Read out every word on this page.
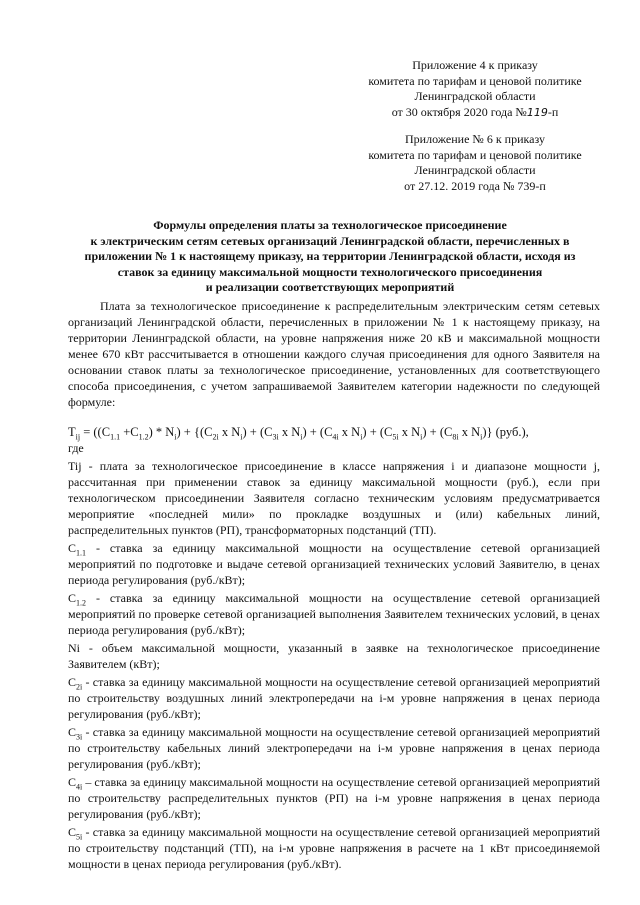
Приложение 4 к приказу
комитета по тарифам и ценовой политике
Ленинградской области
от 30 октября 2020 года №119-п
Приложение № 6 к приказу
комитета по тарифам и ценовой политике
Ленинградской области
от 27.12. 2019 года № 739-п
Формулы определения платы за технологическое присоединение
к электрическим сетям сетевых организаций Ленинградской области, перечисленных в
приложении № 1 к настоящему приказу, на территории Ленинградской области, исходя из
ставок за единицу максимальной мощности технологического присоединения
и реализации соответствующих мероприятий
Плата за технологическое присоединение к распределительным электрическим сетям сетевых организаций Ленинградской области, перечисленных в приложении № 1 к настоящему приказу, на территории Ленинградской области, на уровне напряжения ниже 20 кВ и максимальной мощности менее 670 кВт рассчитывается в отношении каждого случая присоединения для одного Заявителя на основании ставок платы за технологическое присоединение, установленных для соответствующего способа присоединения, с учетом запрашиваемой Заявителем категории надежности по следующей формуле:
$T_{ij} = ((C_{1.1} +C_{1.2}) * N_i) + \{(C_{2i}$ x $N_i) + (C_{3i}$ x $N_i) + (C_{4i}$ x $N_i) + (C_{5i}$ x $N_i) + (C_{8i}$ x $N_i$)} (руб.),
где
Tij - плата за технологическое присоединение в классе напряжения i и диапазоне мощности j, рассчитанная при применении ставок за единицу максимальной мощности (руб.), если при технологическом присоединении Заявителя согласно техническим условиям предусматривается мероприятие «последней мили» по прокладке воздушных и (или) кабельных линий, распределительных пунктов (РП), трансформаторных подстанций (ТП).
$C_{1.1}$ - ставка за единицу максимальной мощности на осуществление сетевой организацией мероприятий по подготовке и выдаче сетевой организацией технических условий Заявителю, в ценах периода регулирования (руб./кВт);
$C_{1.2}$ - ставка за единицу максимальной мощности на осуществление сетевой организацией мероприятий по проверке сетевой организацией выполнения Заявителем технических условий, в ценах периода регулирования (руб./кВт);
Ni - объем максимальной мощности, указанный в заявке на технологическое присоединение Заявителем (кВт);
$C_{2i}$ - ставка за единицу максимальной мощности на осуществление сетевой организацией мероприятий по строительству воздушных линий электропередачи на i-м уровне напряжения в ценах периода регулирования (руб./кВт);
$C_{3i}$ - ставка за единицу максимальной мощности на осуществление сетевой организацией мероприятий по строительству кабельных линий электропередачи на i-м уровне напряжения в ценах периода регулирования (руб./кВт);
$C_{4i}$ – ставка за единицу максимальной мощности на осуществление сетевой организацией мероприятий по строительству распределительных пунктов (РП) на i-м уровне напряжения в ценах периода регулирования (руб./кВт);
$C_{5i}$ - ставка за единицу максимальной мощности на осуществление сетевой организацией мероприятий по строительству подстанций (ТП), на i-м уровне напряжения в расчете на 1 кВт присоединяемой мощности в ценах периода регулирования (руб./кВт).
